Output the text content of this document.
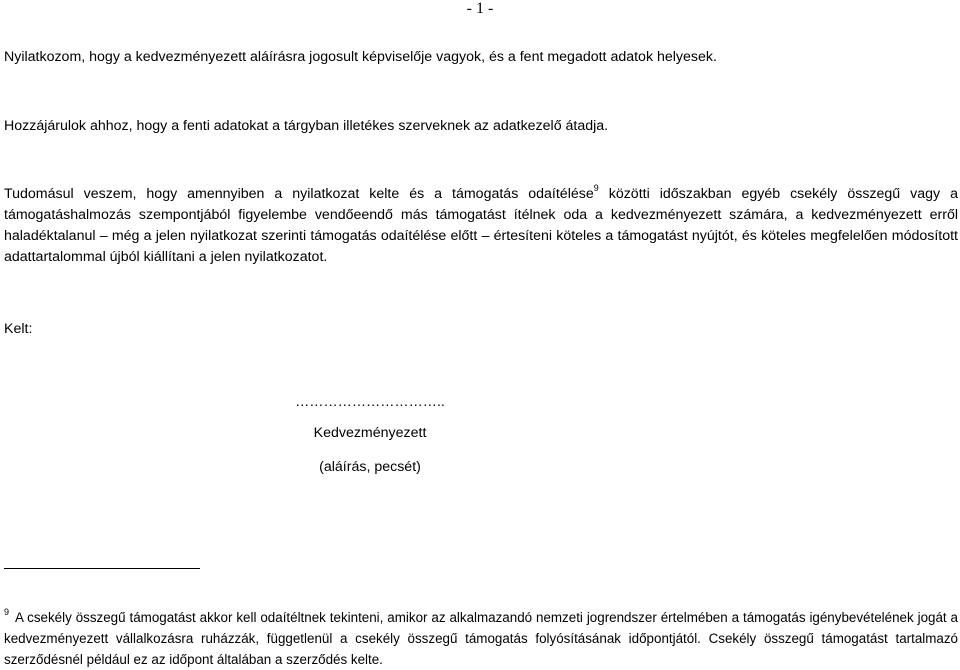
- 1 -

Nyilatkozom, hogy a kedvezményezett aláírásra jogosult képviselője vagyok, és a fent megadott adatok helyesek.

Hozzájárulok ahhoz, hogy a fenti adatokat a tárgyban illetékes szerveknek az adatkezelő átadja.

Tudomásul veszem, hogy amennyiben a nyilatkozat kelte és a támogatás odaítélése$^9$ közötti időszakban egyéb csekély összegű vagy a támogatáshalmozás szempontjából figyelembe vendőeendő más támogatást ítélnek oda a kedvezményezett számára, a kedvezményezett erről haladéktalanul – még a jelen nyilatkozat szerinti támogatás odaítélése előtt – értesíteni köteles a támogatást nyújtót, és köteles megfelelően módosított adattartalommal újból kiállítani a jelen nyilatkozatot.

Kelt:
…………………………..
Kedvezményezett
(aláírás, pecsét)

$^9$ A csekély összegű támogatást akkor kell odaítéltnek tekinteni, amikor az alkalmazandó nemzeti jogrendszer értelmében a támogatás igénybevételének jogát a kedvezményezett vállalkozásra ruházzák, függetlenül a csekély összegű támogatás folyósításának időpontjától. Csekély összegű támogatást tartalmazó szerződésnél például ez az időpont általában a szerződés kelte.
